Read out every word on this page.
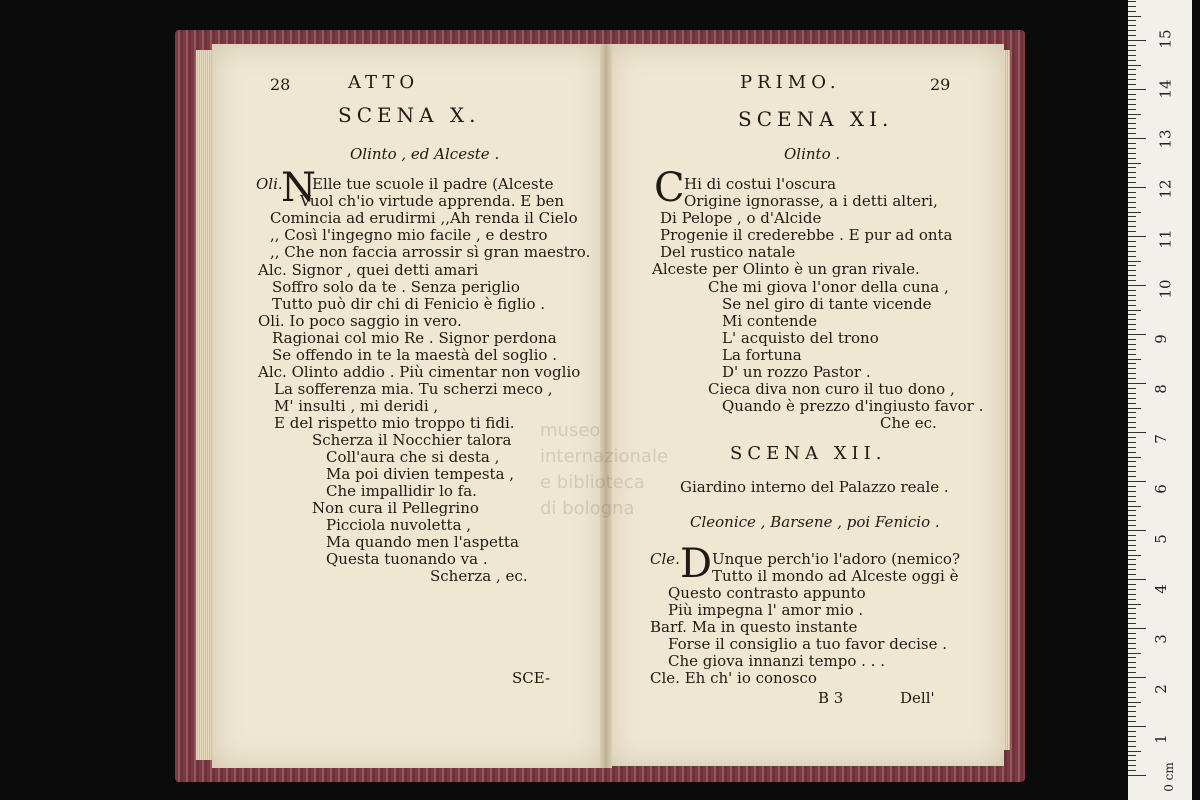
museo internazionale
e biblioteca
di bologna
28	ATTO
SCENA X.
Olinto , ed Alceste .
N
Oli. Elle tue scuole il padre (Alceste
Vuol ch'io virtude apprenda. E ben
Comincia ad erudirmi ,,Ah renda il Cielo
,, Così l'ingegno mio facile , e destro
,, Che non faccia arrossir sì gran maestro.
Alc. Signor , quei detti amari
Soffro solo da te . Senza periglio
Tutto può dir chi di Fenicio è figlio .
Oli. Io poco saggio in vero.
Ragionai col mio Re . Signor perdona
Se offendo in te la maestà del soglio .
Alc. Olinto addio . Più cimentar non voglio
La sofferenza mia. Tu scherzi meco ,
M' insulti , mi deridi ,
E del rispetto mio troppo ti fidi.
Scherza il Nocchier talora
Coll'aura che si desta ,
Ma poi divien tempesta ,
Che impallidir lo fa.
Non cura il Pellegrino
Picciola nuvoletta ,
Ma quando men l'aspetta
Questa tuonando va .
Scherza , ec.
SCE-
PRIMO.	29
SCENA XI.
Olinto .
C Hi di costui l'oscura
Origine ignorasse, a i detti alteri,
Di Pelope , o d'Alcide
Progenie il crederebbe . E pur ad onta
Del rustico natale
Alceste per Olinto è un gran rivale.
Che mi giova l'onor della cuna ,
Se nel giro di tante vicende
Mi contende
L' acquisto del trono
La fortuna
D' un rozzo Pastor .
Cieca diva non curo il tuo dono ,
Quando è prezzo d'ingiusto favor .
Che ec.
SCENA XII.
Giardino interno del Palazzo reale .
Cleonice , Barsene , poi Fenicio .
D
Cle. Unque perch'io l'adoro (nemico?
Tutto il mondo ad Alceste oggi è
Questo contrasto appunto
Più impegna l' amor mio .
Barf. Ma in questo instante
Forse il consiglio a tuo favor decise .
Che giova innanzi tempo . . .
Cle. Eh ch' io conosco
B 3	Dell'
15
14
13
12
11
10
9
8
7
6
5
4
3
2
1
0 cm
